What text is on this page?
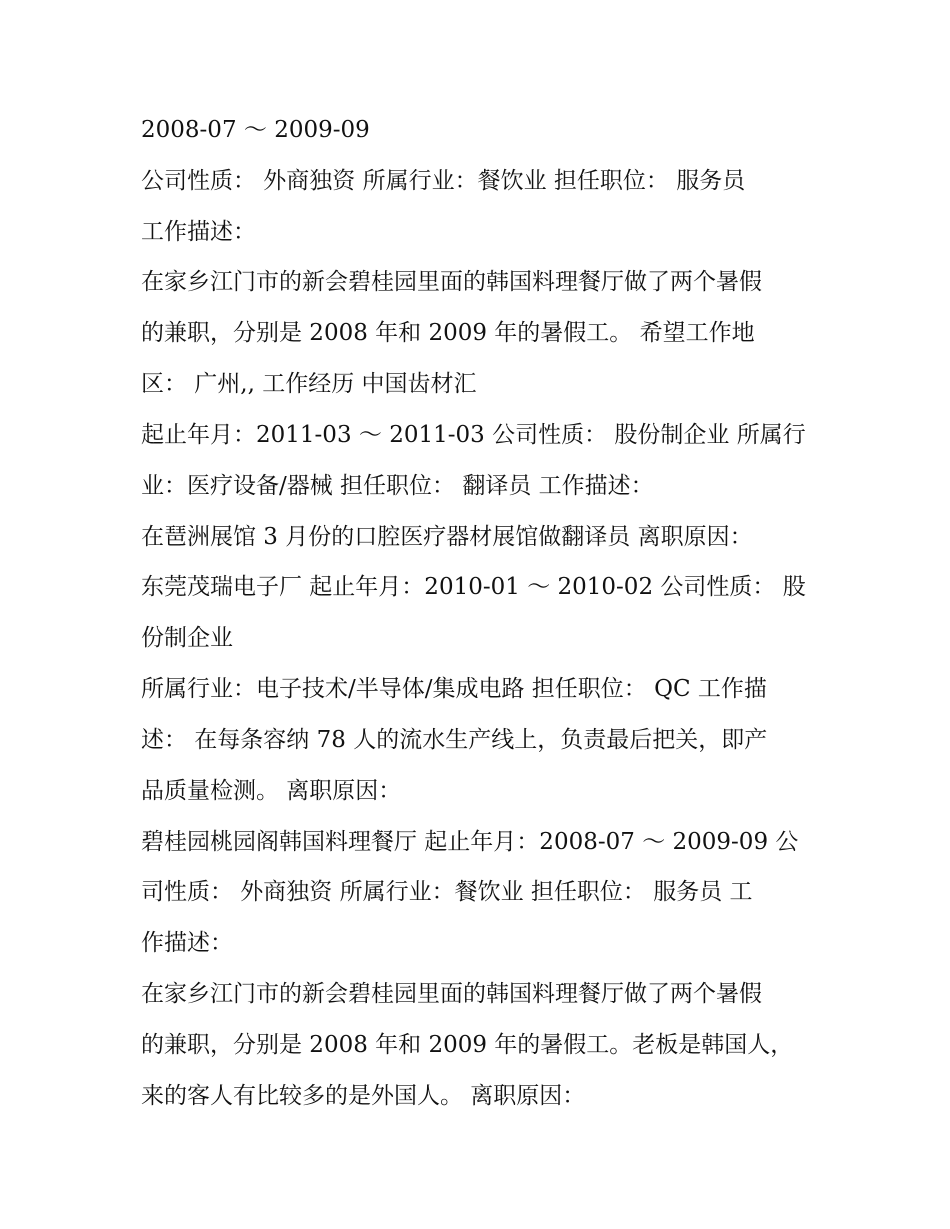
2008-07 ～ 2009-09
公司性质： 外商独资 所属行业：餐饮业 担任职位： 服务员
工作描述：
在家乡江门市的新会碧桂园里面的韩国料理餐厅做了两个暑假
的兼职，分别是 2008 年和 2009 年的暑假工。 希望工作地
区： 广州,, 工作经历 中国齿材汇
起止年月：2011-03 ～ 2011-03 公司性质： 股份制企业 所属行
业：医疗设备/器械 担任职位： 翻译员 工作描述：
在琶洲展馆 3 月份的口腔医疗器材展馆做翻译员 离职原因：
东莞茂瑞电子厂 起止年月：2010-01 ～ 2010-02 公司性质： 股
份制企业
所属行业：电子技术/半导体/集成电路 担任职位： QC 工作描
述： 在每条容纳 78 人的流水生产线上，负责最后把关，即产
品质量检测。 离职原因：
碧桂园桃园阁韩国料理餐厅 起止年月：2008-07 ～ 2009-09 公
司性质： 外商独资 所属行业：餐饮业 担任职位： 服务员 工
作描述：
在家乡江门市的新会碧桂园里面的韩国料理餐厅做了两个暑假
的兼职，分别是 2008 年和 2009 年的暑假工。老板是韩国人，
来的客人有比较多的是外国人。 离职原因：
